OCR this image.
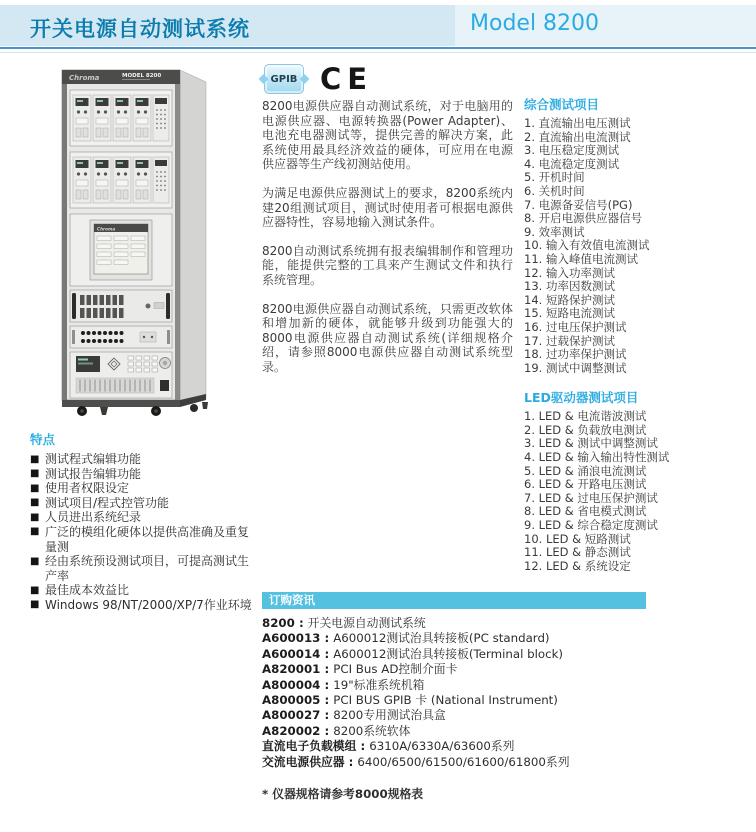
开关电源自动测试系统	Model 8200
Chroma	MODEL 8200
Chroma
GPIB CE

8200电源供应器自动测试系统，对于电脑用的电源供应器、电源转换器(Power Adapter)、电池充电器测试等，提供完善的解决方案，此系统使用最具经济效益的硬体，可应用在电源供应器等生产线初测站使用。

为满足电源供应器测试上的要求，8200系统内建20组测试项目，测试时使用者可根据电源供应器特性，容易地输入测试条件。

8200自动测试系统拥有报表编辑制作和管理功能，能提供完整的工具来产生测试文件和执行系统管理。

8200电源供应器自动测试系统，只需更改软体和增加新的硬体，就能够升级到功能强大的8000电源供应器自动测试系统(详细规格介绍，请参照8000电源供应器自动测试系统型录。

综合测试项目
1. 直流输出电压测试
2. 直流输出电流测试
3. 电压稳定度测试
4. 电流稳定度测试
5. 开机时间
6. 关机时间
7. 电源备妥信号(PG)
8. 开启电源供应器信号
9. 效率测试
10. 输入有效值电流测试
11. 输入峰值电流测试
12. 输入功率测试
13. 功率因数测试
14. 短路保护测试
15. 短路电流测试
16. 过电压保护测试
17. 过载保护测试
18. 过功率保护测试
19. 测试中调整测试
LED驱动器测试项目
1. LED & 电流谐波测试
2. LED & 负载放电测试
3. LED & 测试中调整测试
4. LED & 输入输出特性测试
5. LED & 涌浪电流测试
6. LED & 开路电压测试
7. LED & 过电压保护测试
8. LED & 省电模式测试
9. LED & 综合稳定度测试
10. LED & 短路测试
11. LED & 静态测试
12. LED & 系统设定
特点
■ 测试程式编辑功能
■ 测试报告编辑功能
■ 使用者权限设定
■ 测试项目/程式控管功能
■ 人员进出系统纪录
■ 广泛的模组化硬体以提供高准确及重复量测
■ 经由系统预设测试项目，可提高测试生产率
■ 最佳成本效益比
■ Windows 98/NT/2000/XP/7作业环境	订购资讯
8200 : 开关电源自动测试系统
A600013 : A600012测试治具转接板(PC standard)
A600014 : A600012测试治具转接板(Terminal block)
A820001 : PCI Bus AD控制介面卡
A800004 : 19"标准系统机箱
A800005 : PCI BUS GPIB 卡 (National Instrument)
A800027 : 8200专用测试治具盒
A820002 : 8200系统软体
直流电子负载模组 : 6310A/6330A/63600系列
交流电源供应器 : 6400/6500/61500/61600/61800系列
* 仪器规格请参考8000规格表
